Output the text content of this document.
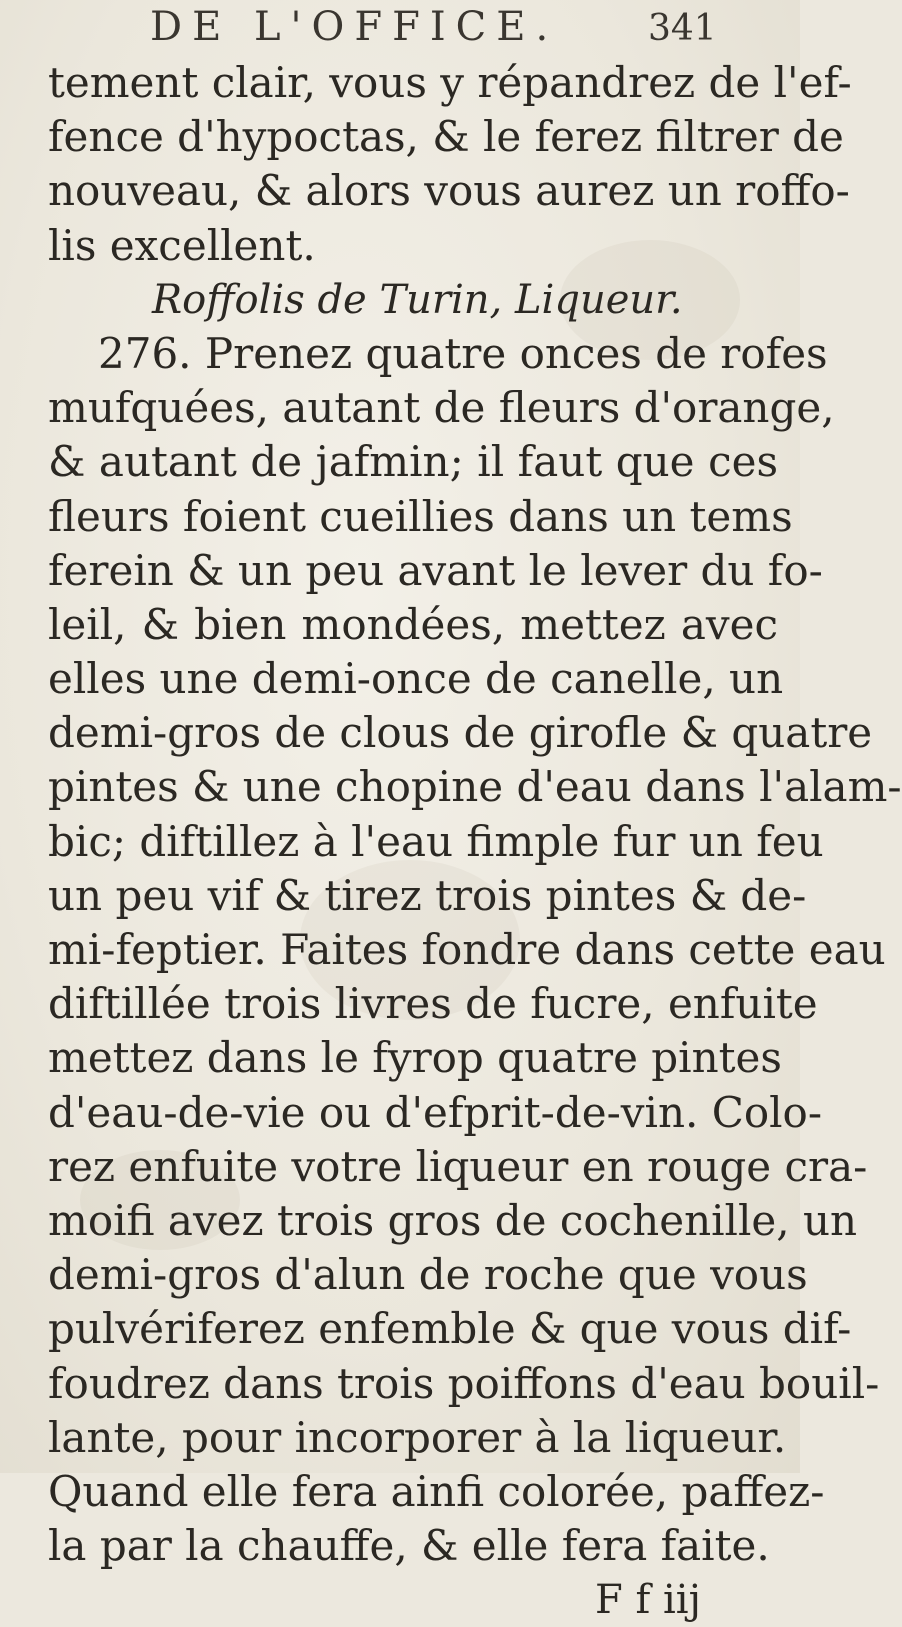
DE L'OFFICE. 341
tement clair, vous y répandrez de l'ef-
fence d'hypoctas, & le ferez filtrer de
nouveau, & alors vous aurez un roffo-
lis excellent.
Roffolis de Turin, Liqueur.
276. Prenez quatre onces de rofes
mufquées, autant de fleurs d'orange,
& autant de jafmin; il faut que ces
fleurs foient cueillies dans un tems
ferein & un peu avant le lever du fo-
leil, & bien mondées, mettez avec
elles une demi-once de canelle, un
demi-gros de clous de girofle & quatre
pintes & une chopine d'eau dans l'alam-
bic; diftillez à l'eau fimple fur un feu
un peu vif & tirez trois pintes & de-
mi-feptier. Faites fondre dans cette eau
diftillée trois livres de fucre, enfuite
mettez dans le fyrop quatre pintes
d'eau-de-vie ou d'efprit-de-vin. Colo-
rez enfuite votre liqueur en rouge cra-
moifi avez trois gros de cochenille, un
demi-gros d'alun de roche que vous
pulvériferez enfemble & que vous dif-
foudrez dans trois poiffons d'eau bouil-
lante, pour incorporer à la liqueur.
Quand elle fera ainfi colorée, paffez-
la par la chauffe, & elle fera faite.
F f iij
